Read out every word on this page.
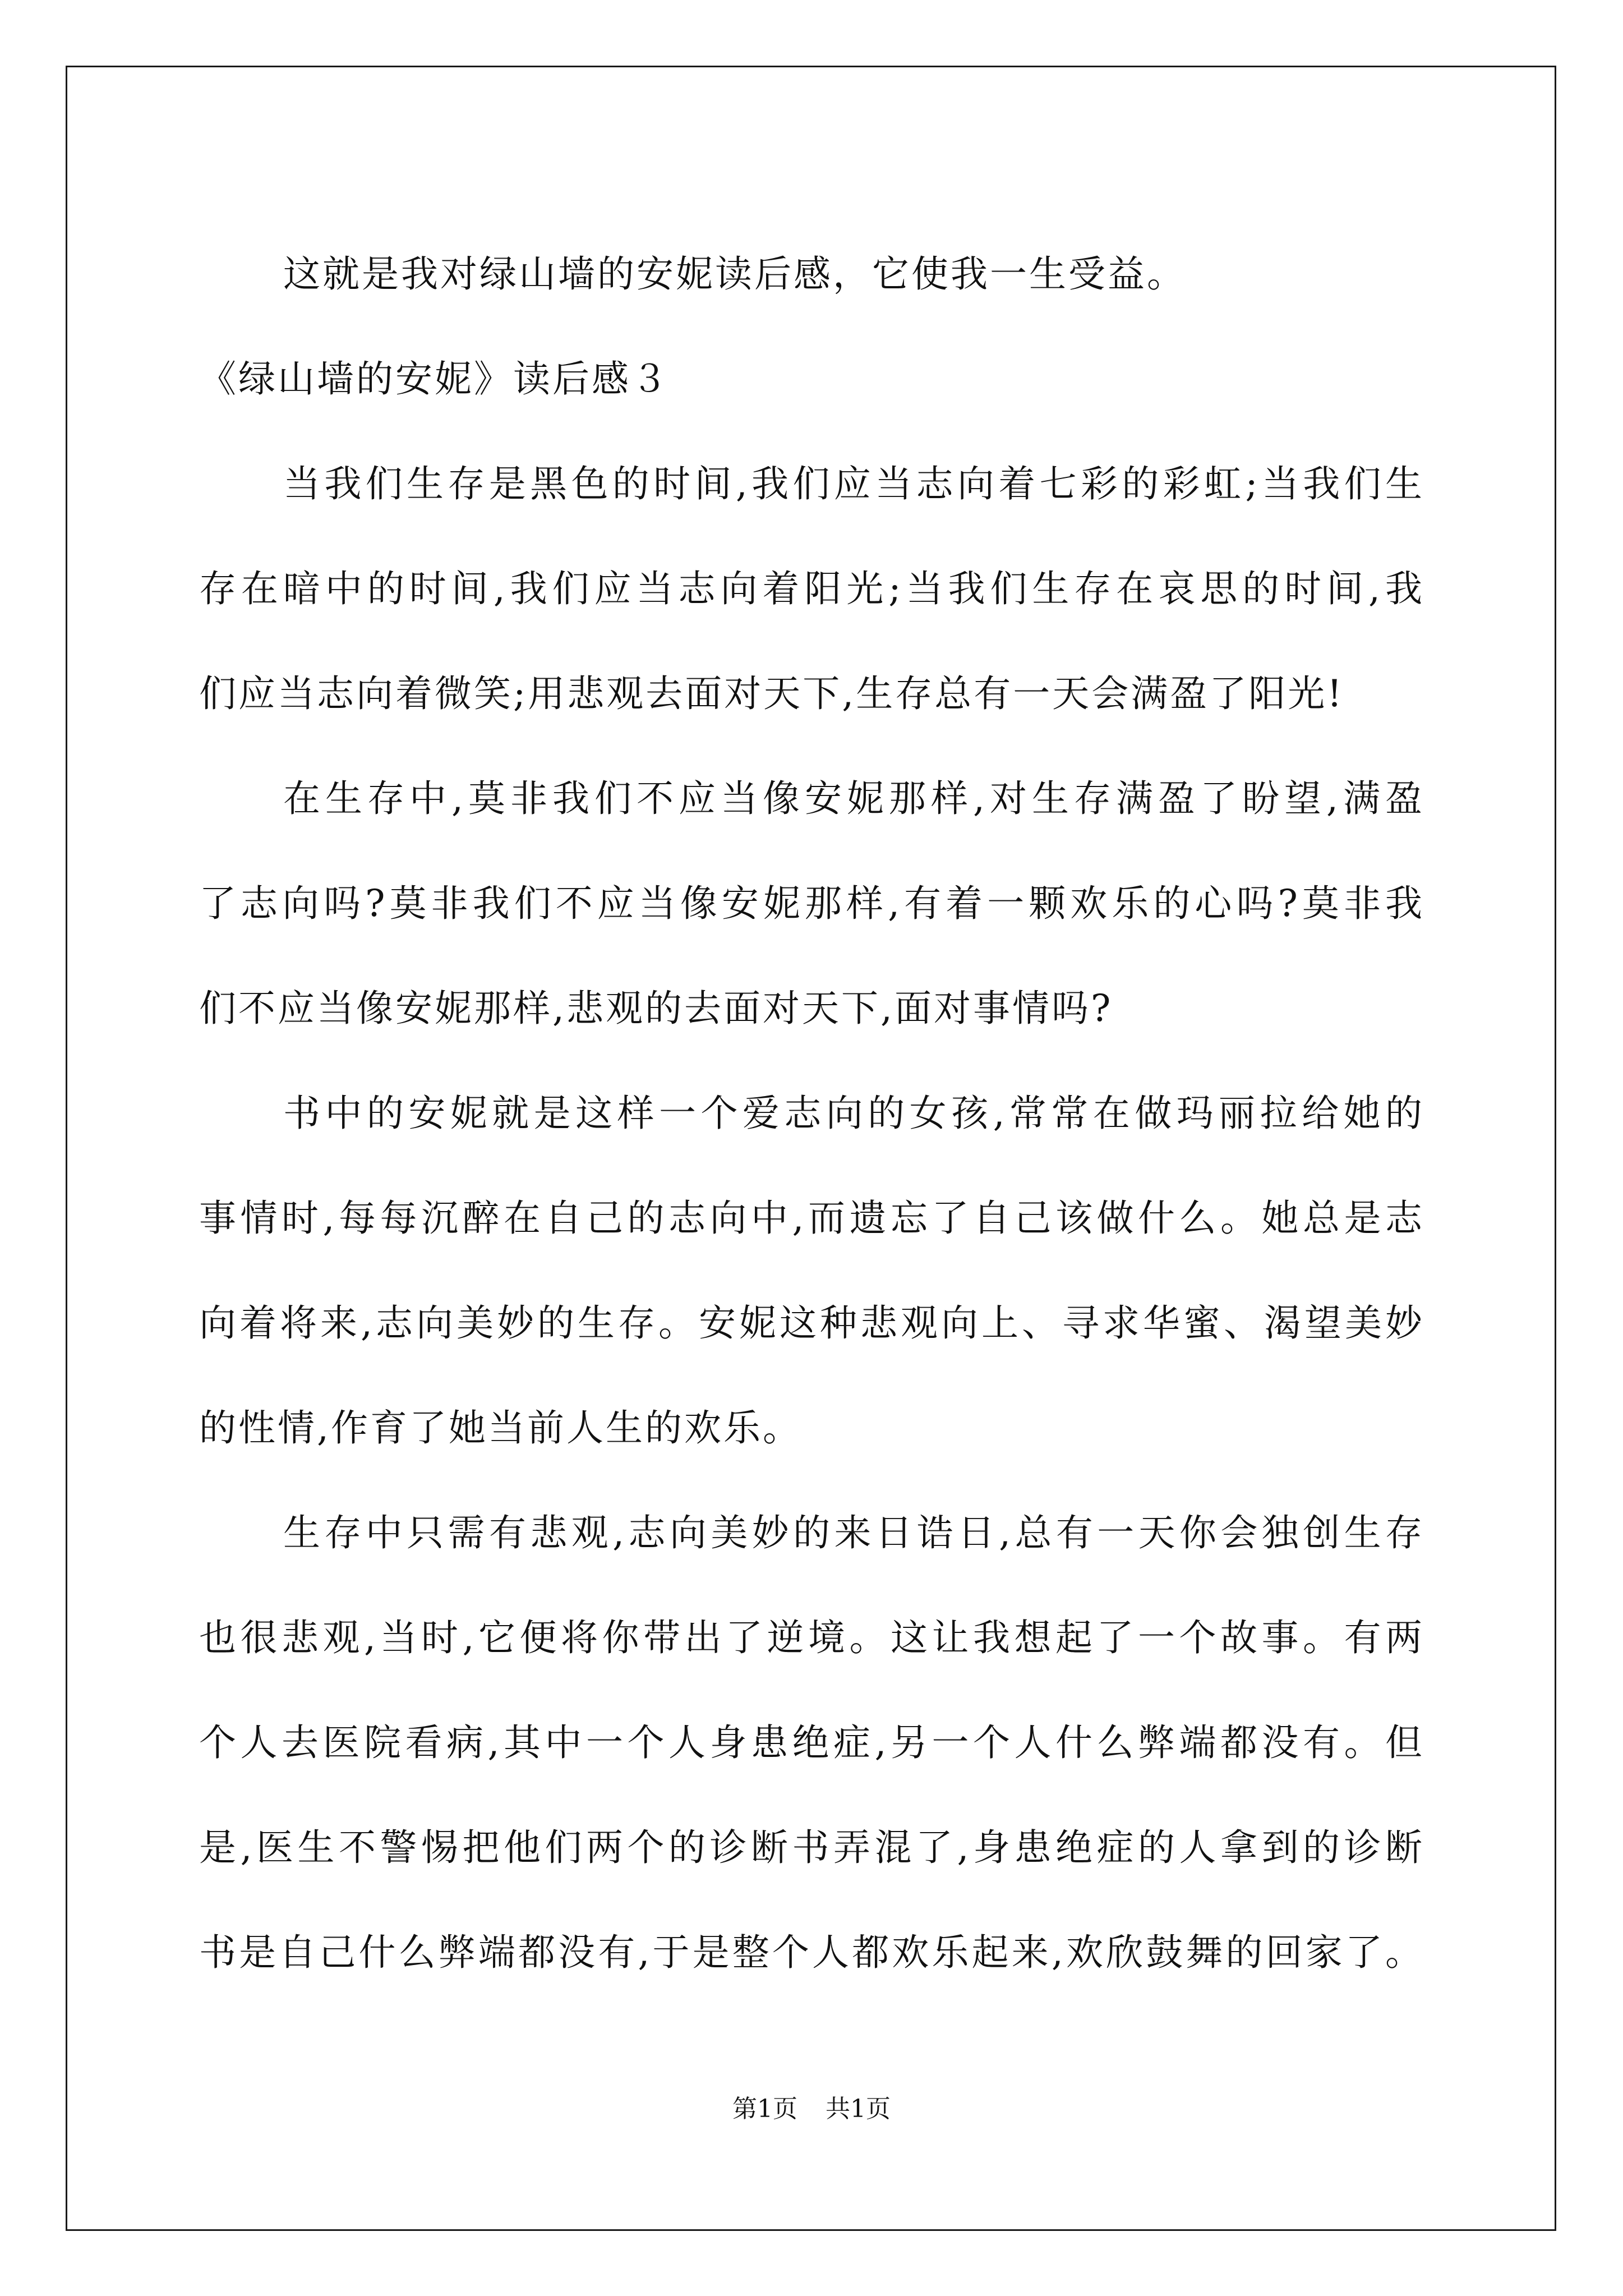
这就是我对绿山墙的安妮读后感，它使我一生受益。

《绿山墙的安妮》读后感３

当我们生存是黑色的时间,我们应当志向着七彩的彩虹;当我们生

存在暗中的时间,我们应当志向着阳光;当我们生存在哀思的时间,我

们应当志向着微笑;用悲观去面对天下,生存总有一天会满盈了阳光!

在生存中,莫非我们不应当像安妮那样,对生存满盈了盼望,满盈

了志向吗?莫非我们不应当像安妮那样,有着一颗欢乐的心吗?莫非我

们不应当像安妮那样,悲观的去面对天下,面对事情吗?

书中的安妮就是这样一个爱志向的女孩,常常在做玛丽拉给她的

事情时,每每沉醉在自己的志向中,而遗忘了自己该做什么。她总是志

向着将来,志向美妙的生存。安妮这种悲观向上、寻求华蜜、渴望美妙

的性情,作育了她当前人生的欢乐。

生存中只需有悲观,志向美妙的来日诰日,总有一天你会独创生存

也很悲观,当时,它便将你带出了逆境。这让我想起了一个故事。有两

个人去医院看病,其中一个人身患绝症,另一个人什么弊端都没有。但

是,医生不警惕把他们两个的诊断书弄混了,身患绝症的人拿到的诊断

书是自己什么弊端都没有,于是整个人都欢乐起来,欢欣鼓舞的回家了。

第1页 共1页
